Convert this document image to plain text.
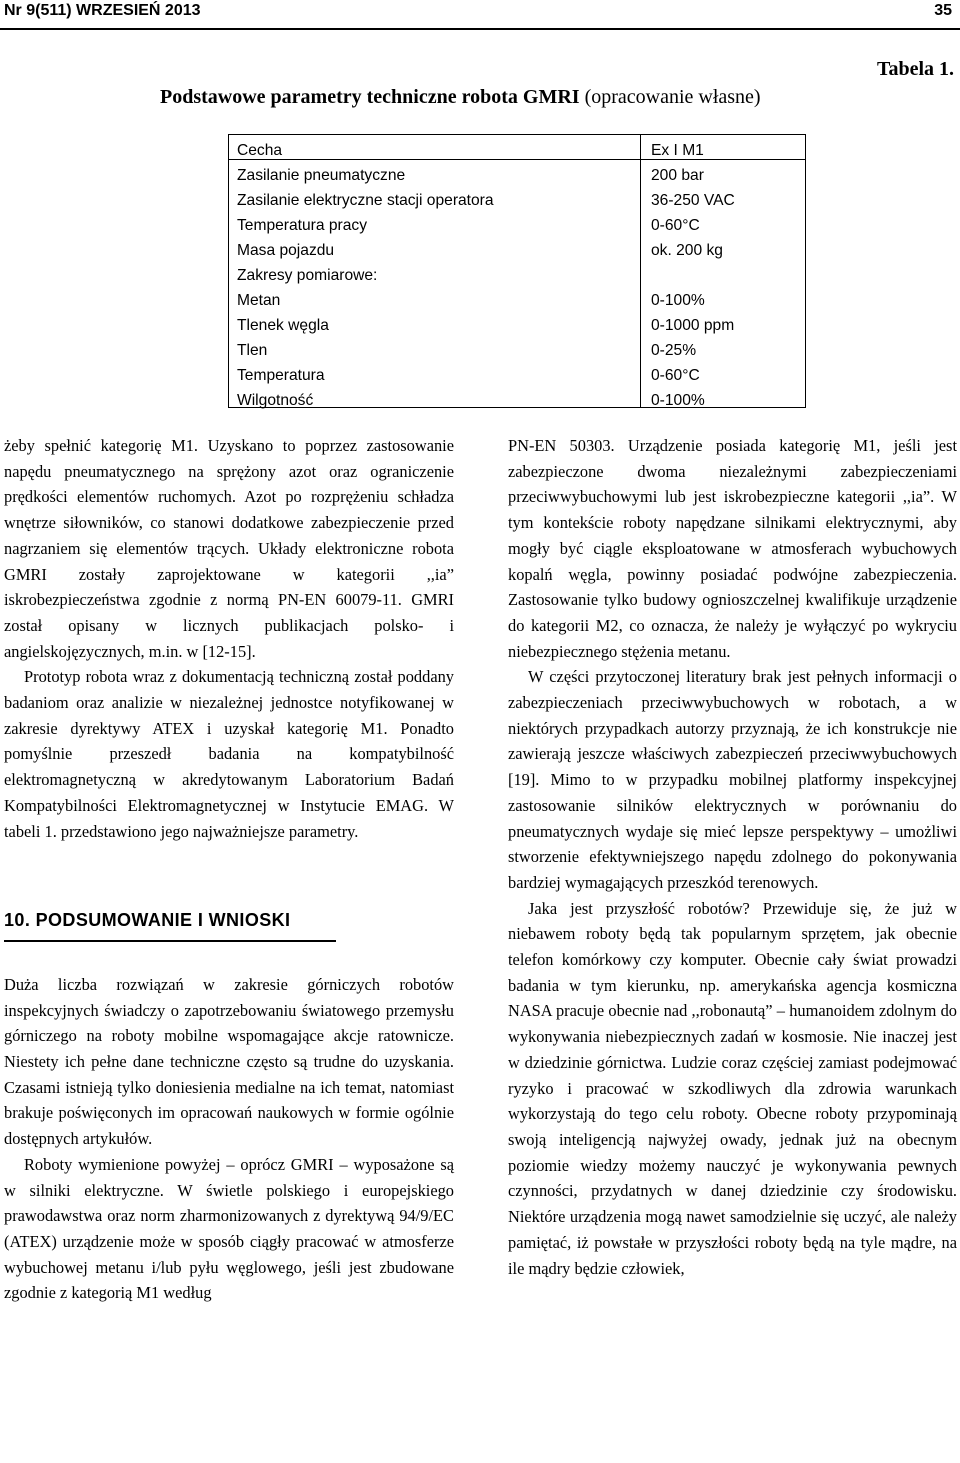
Nr 9(511) WRZESIEŃ 2013	35
Tabela 1.
Podstawowe parametry techniczne robota GMRI (opracowanie własne)
Cecha	Ex I M1
Zasilanie pneumatyczne	200 bar
Zasilanie elektryczne stacji operatora	36-250 VAC
Temperatura pracy	0-60°C
Masa pojazdu	ok. 200 kg
Zakresy pomiarowe:	
Metan	0-100%
Tlenek węgla	0-1000 ppm
Tlen	0-25%
Temperatura	0-60°C
Wilgotność	0-100%

żeby spełnić kategorię M1. Uzyskano to poprzez zastosowanie napędu pneumatycznego na sprężony azot oraz ograniczenie prędkości elementów ruchomych. Azot po rozprężeniu schładza wnętrze siłowników, co stanowi dodatkowe zabezpieczenie przed nagrzaniem się elementów trących. Układy elektroniczne robota GMRI zostały zaprojektowane w kategorii ,,ia” iskrobezpieczeństwa zgodnie z normą PN-EN 60079-11. GMRI został opisany w licznych publikacjach polsko- i angielskojęzycznych, m.in. w [12-15].

Prototyp robota wraz z dokumentacją techniczną został poddany badaniom oraz analizie w niezależnej jednostce notyfikowanej w zakresie dyrektywy ATEX i uzyskał kategorię M1. Ponadto pomyślnie przeszedł badania na kompatybilność elektromagnetyczną w akredytowanym Laboratorium Badań Kompatybilności Elektromagnetycznej w Instytucie EMAG. W tabeli 1. przedstawiono jego najważniejsze parametry.

10. PODSUMOWANIE I WNIOSKI

Duża liczba rozwiązań w zakresie górniczych robotów inspekcyjnych świadczy o zapotrzebowaniu światowego przemysłu górniczego na roboty mobilne wspomagające akcje ratownicze. Niestety ich pełne dane techniczne często są trudne do uzyskania. Czasami istnieją tylko doniesienia medialne na ich temat, natomiast brakuje poświęconych im opracowań naukowych w formie ogólnie dostępnych artykułów.

Roboty wymienione powyżej – oprócz GMRI – wyposażone są w silniki elektryczne. W świetle polskiego i europejskiego prawodawstwa oraz norm zharmonizowanych z dyrektywą 94/9/EC (ATEX) urządzenie może w sposób ciągły pracować w atmosferze wybuchowej metanu i/lub pyłu węglowego, jeśli jest zbudowane zgodnie z kategorią M1 według

PN-EN 50303. Urządzenie posiada kategorię M1, jeśli jest zabezpieczone dwoma niezależnymi zabezpieczeniami przeciwwybuchowymi lub jest iskrobezpieczne kategorii ,,ia”. W tym kontekście roboty napędzane silnikami elektrycznymi, aby mogły być ciągle eksploatowane w atmosferach wybuchowych kopalń węgla, powinny posiadać podwójne zabezpieczenia. Zastosowanie tylko budowy ognioszczelnej kwalifikuje urządzenie do kategorii M2, co oznacza, że należy je wyłączyć po wykryciu niebezpiecznego stężenia metanu.

W części przytoczonej literatury brak jest pełnych informacji o zabezpieczeniach przeciwwybuchowych w robotach, a w niektórych przypadkach autorzy przyznają, że ich konstrukcje nie zawierają jeszcze właściwych zabezpieczeń przeciwwybuchowych [19]. Mimo to w przypadku mobilnej platformy inspekcyjnej zastosowanie silników elektrycznych w porównaniu do pneumatycznych wydaje się mieć lepsze perspektywy – umożliwi stworzenie efektywniejszego napędu zdolnego do pokonywania bardziej wymagających przeszkód terenowych.

Jaka jest przyszłość robotów? Przewiduje się, że już w niebawem roboty będą tak popularnym sprzętem, jak obecnie telefon komórkowy czy komputer. Obecnie cały świat prowadzi badania w tym kierunku, np. amerykańska agencja kosmiczna NASA pracuje obecnie nad ,,robonautą” – humanoidem zdolnym do wykonywania niebezpiecznych zadań w kosmosie. Nie inaczej jest w dziedzinie górnictwa. Ludzie coraz częściej zamiast podejmować ryzyko i pracować w szkodliwych dla zdrowia warunkach wykorzystają do tego celu roboty. Obecne roboty przypominają swoją inteligencją najwyżej owady, jednak już na obecnym poziomie wiedzy możemy nauczyć je wykonywania pewnych czynności, przydatnych w danej dziedzinie czy środowisku. Niektóre urządzenia mogą nawet samodzielnie się uczyć, ale należy pamiętać, iż powstałe w przyszłości roboty będą na tyle mądre, na ile mądry będzie człowiek,
